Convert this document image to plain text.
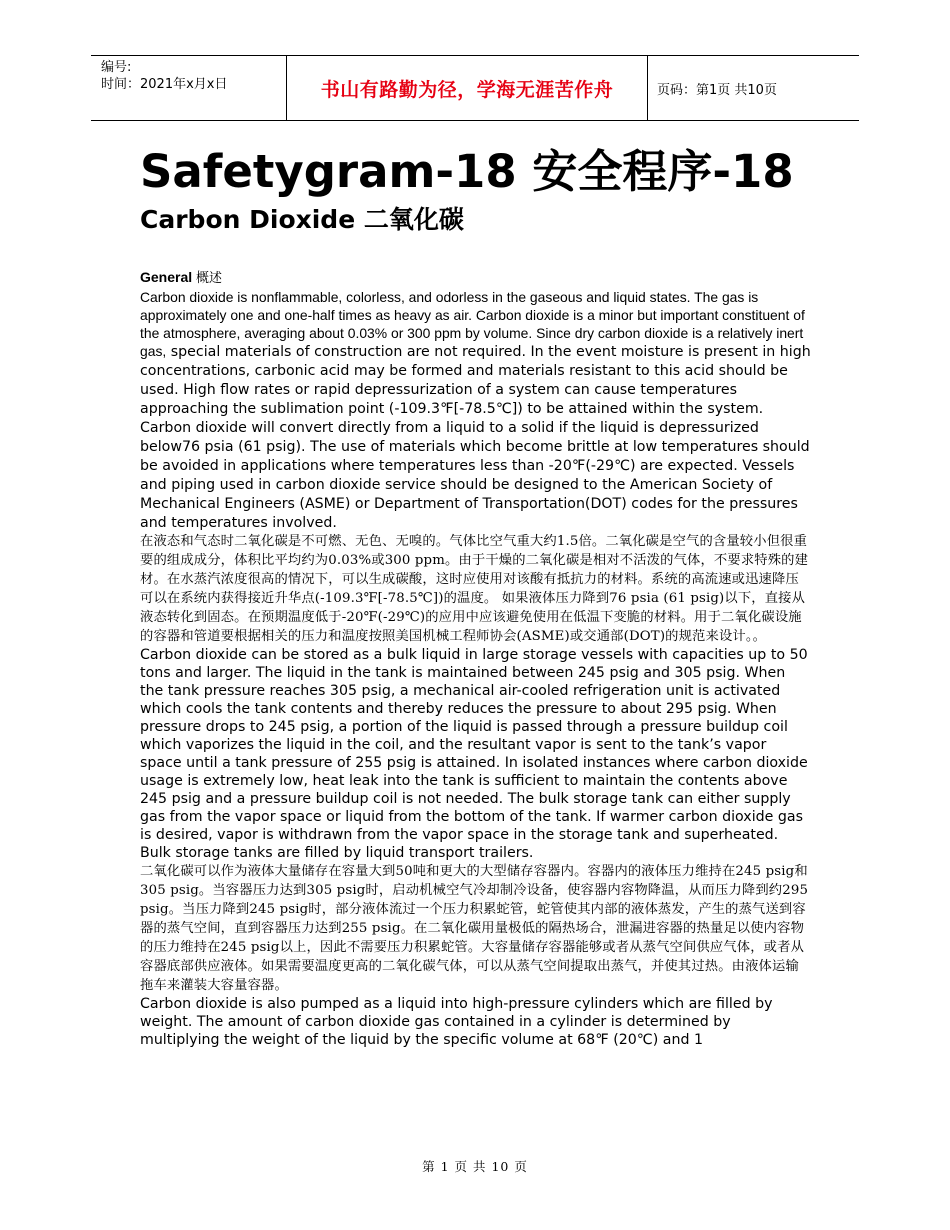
编号:
时间：2021年x月x日	书山有路勤为径，学海无涯苦作舟	页码：第1页 共10页
Safetygram-18 安全程序-18
Carbon Dioxide 二氧化碳
General 概述

Carbon dioxide is nonflammable, colorless, and odorless in the gaseous and liquid states. The gas is approximately one and one-half times as heavy as air. Carbon dioxide is a minor but important constituent of the atmosphere, averaging about 0.03% or 300 ppm by volume. Since dry carbon dioxide is a relatively inert gas, special materials of construction are not required. In the event moisture is present in high concentrations, carbonic acid may be formed and materials resistant to this acid should be used. High flow rates or rapid depressurization of a system can cause temperatures approaching the sublimation point (-109.3℉[-78.5℃]) to be attained within the system. Carbon dioxide will convert directly from a liquid to a solid if the liquid is depressurized below76 psia (61 psig). The use of materials which become brittle at low temperatures should be avoided in applications where temperatures less than -20℉(-29℃) are expected. Vessels and piping used in carbon dioxide service should be designed to the American Society of Mechanical Engineers (ASME) or Department of Transportation(DOT) codes for the pressures and temperatures involved.

在液态和气态时二氧化碳是不可燃、无色、无嗅的。气体比空气重大约1.5倍。二氧化碳是空气的含量较小但很重要的组成成分，体积比平均约为0.03%或300 ppm。由于干燥的二氧化碳是相对不活泼的气体，不要求特殊的建材。在水蒸汽浓度很高的情况下，可以生成碳酸，这时应使用对该酸有抵抗力的材料。系统的高流速或迅速降压可以在系统内获得接近升华点(-109.3℉[-78.5℃])的温度。 如果液体压力降到76 psia (61 psig)以下，直接从液态转化到固态。在预期温度低于-20℉(-29℃)的应用中应该避免使用在低温下变脆的材料。用于二氧化碳设施的容器和管道要根据相关的压力和温度按照美国机械工程师协会(ASME)或交通部(DOT)的规范来设计。。

Carbon dioxide can be stored as a bulk liquid in large storage vessels with capacities up to 50 tons and larger. The liquid in the tank is maintained between 245 psig and 305 psig. When the tank pressure reaches 305 psig, a mechanical air-cooled refrigeration unit is activated which cools the tank contents and thereby reduces the pressure to about 295 psig. When pressure drops to 245 psig, a portion of the liquid is passed through a pressure buildup coil which vaporizes the liquid in the coil, and the resultant vapor is sent to the tank’s vapor space until a tank pressure of 255 psig is attained. In isolated instances where carbon dioxide usage is extremely low, heat leak into the tank is sufficient to maintain the contents above 245 psig and a pressure buildup coil is not needed. The bulk storage tank can either supply gas from the vapor space or liquid from the bottom of the tank. If warmer carbon dioxide gas is desired, vapor is withdrawn from the vapor space in the storage tank and superheated. Bulk storage tanks are filled by liquid transport trailers.

二氧化碳可以作为液体大量储存在容量大到50吨和更大的大型储存容器内。容器内的液体压力维持在245 psig和305 psig。当容器压力达到305 psig时，启动机械空气冷却制冷设备，使容器内容物降温，从而压力降到约295 psig。当压力降到245 psig时，部分液体流过一个压力积累蛇管，蛇管使其内部的液体蒸发，产生的蒸气送到容器的蒸气空间，直到容器压力达到255 psig。在二氧化碳用量极低的隔热场合，泄漏进容器的热量足以使内容物的压力维持在245 psig以上，因此不需要压力积累蛇管。大容量储存容器能够或者从蒸气空间供应气体，或者从容器底部供应液体。如果需要温度更高的二氧化碳气体，可以从蒸气空间提取出蒸气，并使其过热。由液体运输拖车来灌装大容量容器。

Carbon dioxide is also pumped as a liquid into high-pressure cylinders which are filled by weight. The amount of carbon dioxide gas contained in a cylinder is determined by multiplying the weight of the liquid by the specific volume at 68℉ (20℃) and 1

第 1 页 共 10 页
